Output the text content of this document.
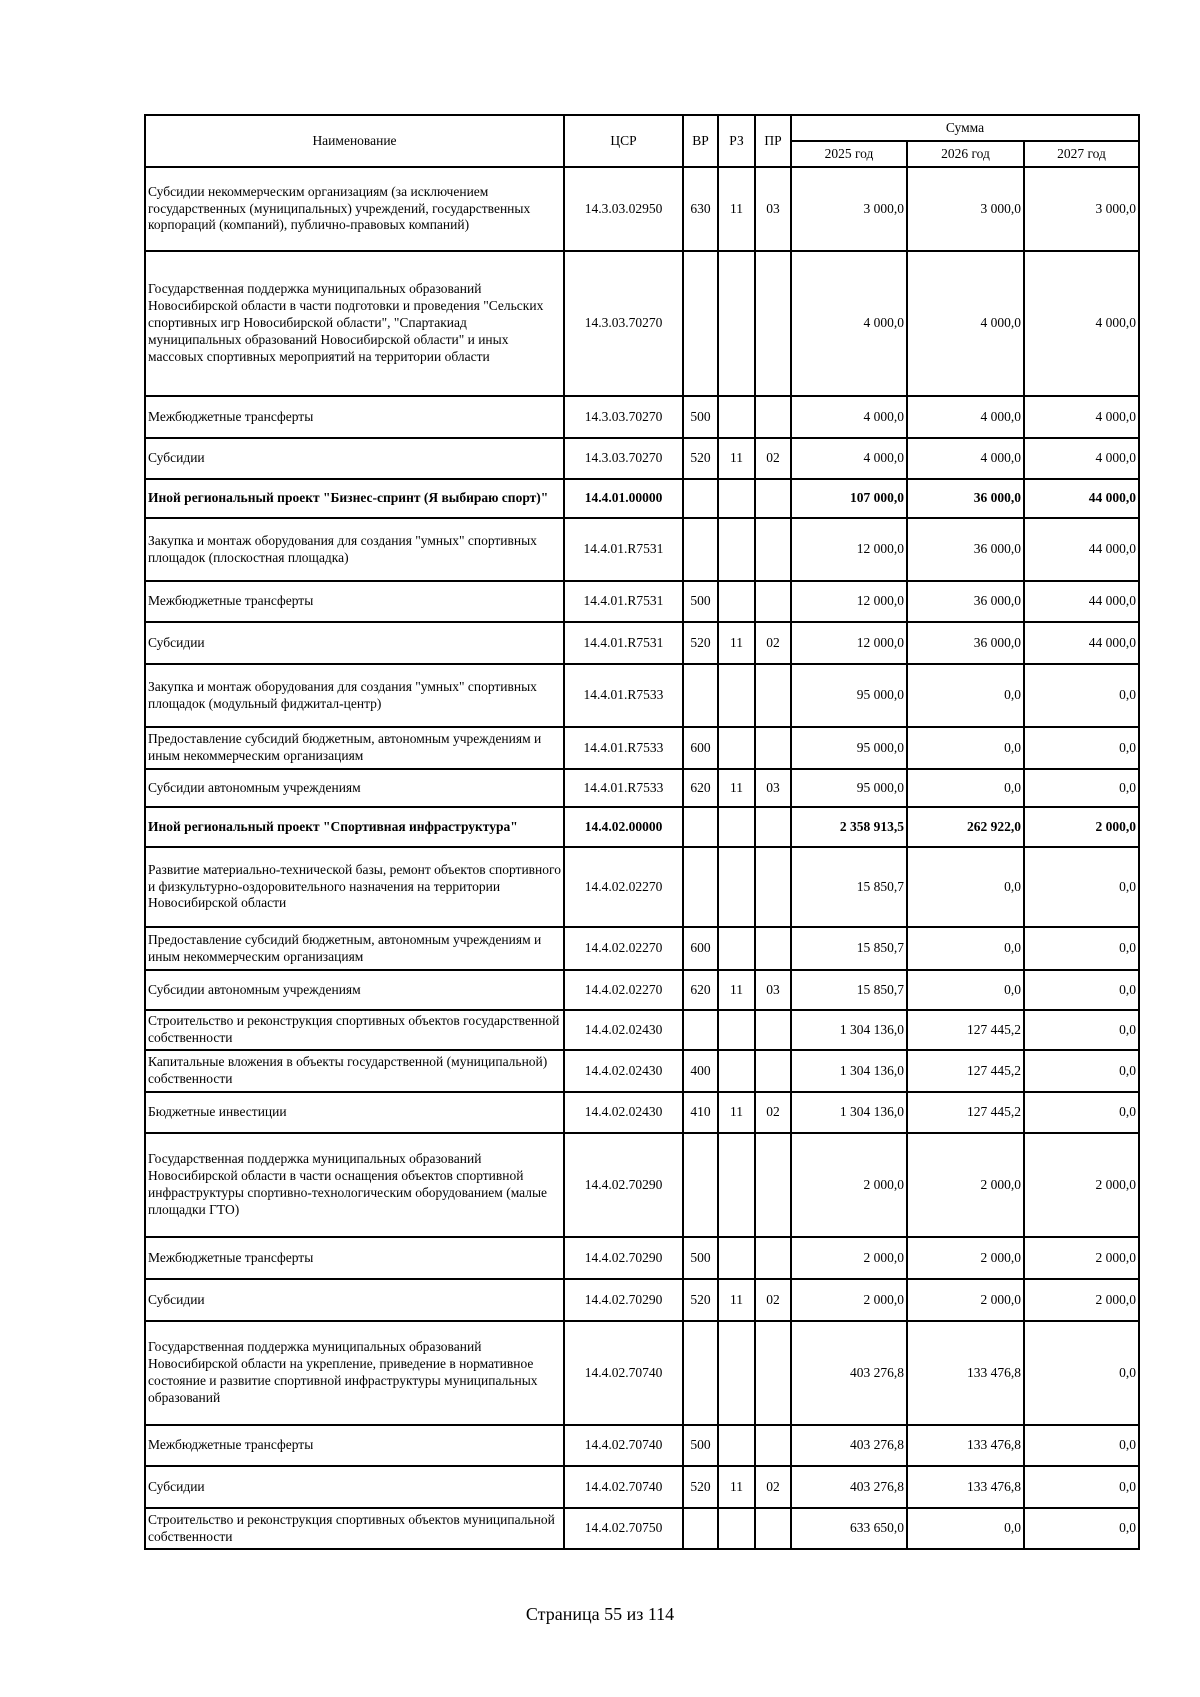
Наименование	ЦСР	ВР	РЗ	ПР	Сумма		
					2025 год	2026 год	2027 год
Субсидии некоммерческим организациям (за исключением государственных (муниципальных) учреждений, государственных корпораций (компаний), публично-правовых компаний)	14.3.03.02950	630	11	03	3 000,0	3 000,0	3 000,0
Государственная поддержка муниципальных образований Новосибирской области в части подготовки и проведения "Сельских спортивных игр Новосибирской области", "Спартакиад муниципальных образований Новосибирской области" и иных массовых спортивных мероприятий на территории области	14.3.03.70270				4 000,0	4 000,0	4 000,0
Межбюджетные трансферты	14.3.03.70270	500			4 000,0	4 000,0	4 000,0
Субсидии	14.3.03.70270	520	11	02	4 000,0	4 000,0	4 000,0
Иной региональный проект "Бизнес-спринт (Я выбираю спорт)"	14.4.01.00000				107 000,0	36 000,0	44 000,0
Закупка и монтаж оборудования для создания "умных" спортивных площадок (плоскостная площадка)	14.4.01.R7531				12 000,0	36 000,0	44 000,0
Межбюджетные трансферты	14.4.01.R7531	500			12 000,0	36 000,0	44 000,0
Субсидии	14.4.01.R7531	520	11	02	12 000,0	36 000,0	44 000,0
Закупка и монтаж оборудования для создания "умных" спортивных площадок (модульный фиджитал-центр)	14.4.01.R7533				95 000,0	0,0	0,0
Предоставление субсидий бюджетным, автономным учреждениям и иным некоммерческим организациям	14.4.01.R7533	600			95 000,0	0,0	0,0
Субсидии автономным учреждениям	14.4.01.R7533	620	11	03	95 000,0	0,0	0,0
Иной региональный проект "Спортивная инфраструктура"	14.4.02.00000				2 358 913,5	262 922,0	2 000,0
Развитие материально-технической базы, ремонт объектов спортивного и физкультурно-оздоровительного назначения на территории Новосибирской области	14.4.02.02270				15 850,7	0,0	0,0
Предоставление субсидий бюджетным, автономным учреждениям и иным некоммерческим организациям	14.4.02.02270	600			15 850,7	0,0	0,0
Субсидии автономным учреждениям	14.4.02.02270	620	11	03	15 850,7	0,0	0,0
Строительство и реконструкция спортивных объектов государственной собственности	14.4.02.02430				1 304 136,0	127 445,2	0,0
Капитальные вложения в объекты государственной (муниципальной) собственности	14.4.02.02430	400			1 304 136,0	127 445,2	0,0
Бюджетные инвестиции	14.4.02.02430	410	11	02	1 304 136,0	127 445,2	0,0
Государственная поддержка муниципальных образований Новосибирской области в части оснащения объектов спортивной инфраструктуры спортивно-технологическим оборудованием (малые площадки ГТО)	14.4.02.70290				2 000,0	2 000,0	2 000,0
Межбюджетные трансферты	14.4.02.70290	500			2 000,0	2 000,0	2 000,0
Субсидии	14.4.02.70290	520	11	02	2 000,0	2 000,0	2 000,0
Государственная поддержка муниципальных образований Новосибирской области на укрепление, приведение в нормативное состояние и развитие спортивной инфраструктуры муниципальных образований	14.4.02.70740				403 276,8	133 476,8	0,0
Межбюджетные трансферты	14.4.02.70740	500			403 276,8	133 476,8	0,0
Субсидии	14.4.02.70740	520	11	02	403 276,8	133 476,8	0,0
Строительство и реконструкция спортивных объектов муниципальной собственности	14.4.02.70750				633 650,0	0,0	0,0
Страница 55 из 114
